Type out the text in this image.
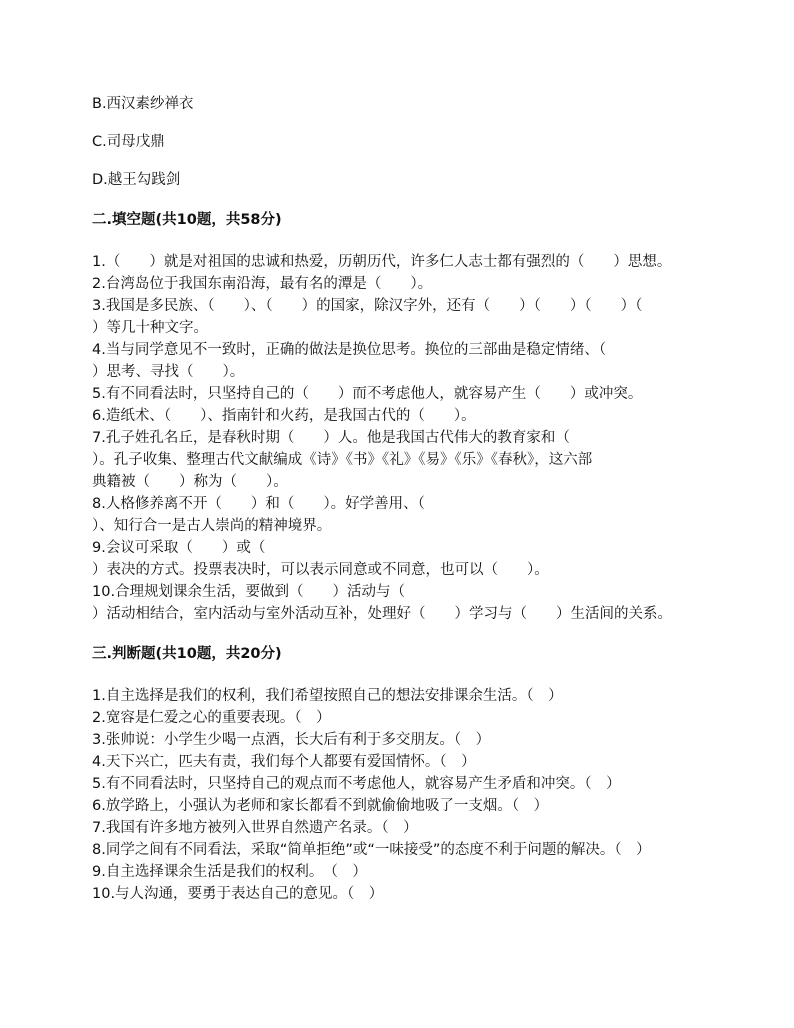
B.西汉素纱禅衣
C.司母戊鼎
D.越王勾践剑
二.填空题(共10题，共58分)
1.（　　）就是对祖国的忠诚和热爱，历朝历代，许多仁人志士都有强烈的（　　）思想。
2.台湾岛位于我国东南沿海，最有名的潭是（　　）。
3.我国是多民族、（　　）、（　　）的国家，除汉字外，还有（　　）（　　）（　　）（
）等几十种文字。
4.当与同学意见不一致时，正确的做法是换位思考。换位的三部曲是稳定情绪、（
）思考、寻找（　　）。
5.有不同看法时，只坚持自己的（　　）而不考虑他人，就容易产生（　　）或冲突。
6.造纸术、（　　）、指南针和火药，是我国古代的（　　）。
7.孔子姓孔名丘，是春秋时期（　　）人。他是我国古代伟大的教育家和（
）。孔子收集、整理古代文献编成《诗》《书》《礼》《易》《乐》《春秋》，这六部
典籍被（　　）称为（　　）。
8.人格修养离不开（　　）和（　　）。好学善用、（
）、知行合一是古人崇尚的精神境界。
9.会议可采取（　　）或（
）表决的方式。投票表决时，可以表示同意或不同意，也可以（　　）。
10.合理规划课余生活，要做到（　　）活动与（
）活动相结合，室内活动与室外活动互补，处理好（　　）学习与（　　）生活间的关系。
三.判断题(共10题，共20分)
1.自主选择是我们的权利，我们希望按照自己的想法安排课余生活。（　）
2.宽容是仁爱之心的重要表现。（　）
3.张帅说：小学生少喝一点酒，长大后有利于多交朋友。（　）
4.天下兴亡，匹夫有责，我们每个人都要有爱国情怀。（　）
5.有不同看法时，只坚持自己的观点而不考虑他人，就容易产生矛盾和冲突。（　）
6.放学路上，小强认为老师和家长都看不到就偷偷地吸了一支烟。（　）
7.我国有许多地方被列入世界自然遗产名录。（　）
8.同学之间有不同看法，采取“简单拒绝”或“一味接受”的态度不利于问题的解决。（　）
9.自主选择课余生活是我们的权利。　（　）
10.与人沟通，要勇于表达自己的意见。（　）
